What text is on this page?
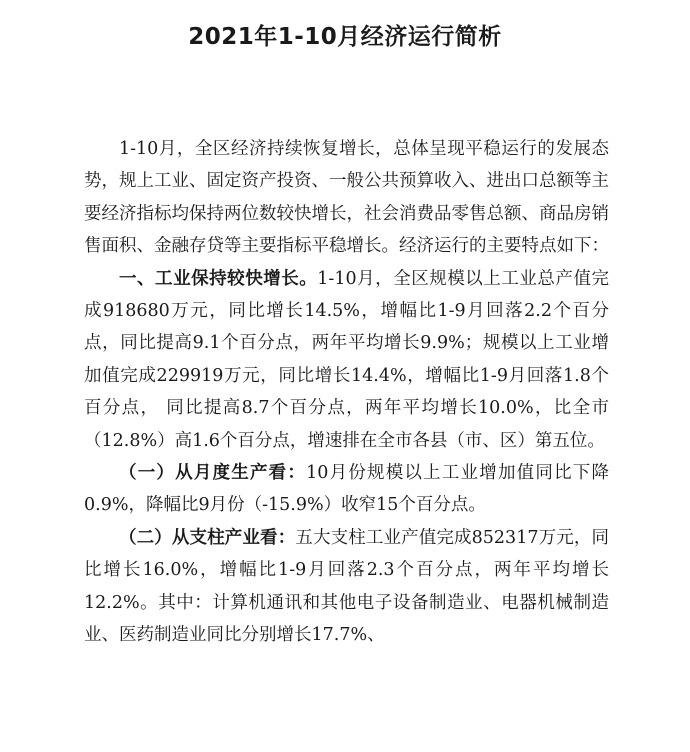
2021年1-10月经济运行简析

1-10月，全区经济持续恢复增长，总体呈现平稳运行的发展态势，规上工业、固定资产投资、一般公共预算收入、进出口总额等主要经济指标均保持两位数较快增长，社会消费品零售总额、商品房销售面积、金融存贷等主要指标平稳增长。经济运行的主要特点如下：

一、工业保持较快增长。1-10月，全区规模以上工业总产值完成918680万元，同比增长14.5%，增幅比1-9月回落2.2个百分点，同比提高9.1个百分点，两年平均增长9.9%；规模以上工业增加值完成229919万元，同比增长14.4%，增幅比1-9月回落1.8个百分点， 同比提高8.7个百分点，两年平均增长10.0%，比全市（12.8%）高1.6个百分点，增速排在全市各县（市、区）第五位。

（一）从月度生产看：10月份规模以上工业增加值同比下降0.9%，降幅比9月份（-15.9%）收窄15个百分点。

（二）从支柱产业看：五大支柱工业产值完成852317万元，同比增长16.0%，增幅比1-9月回落2.3个百分点，两年平均增长12.2%。其中：计算机通讯和其他电子设备制造业、电器机械制造业、医药制造业同比分别增长17.7%、
